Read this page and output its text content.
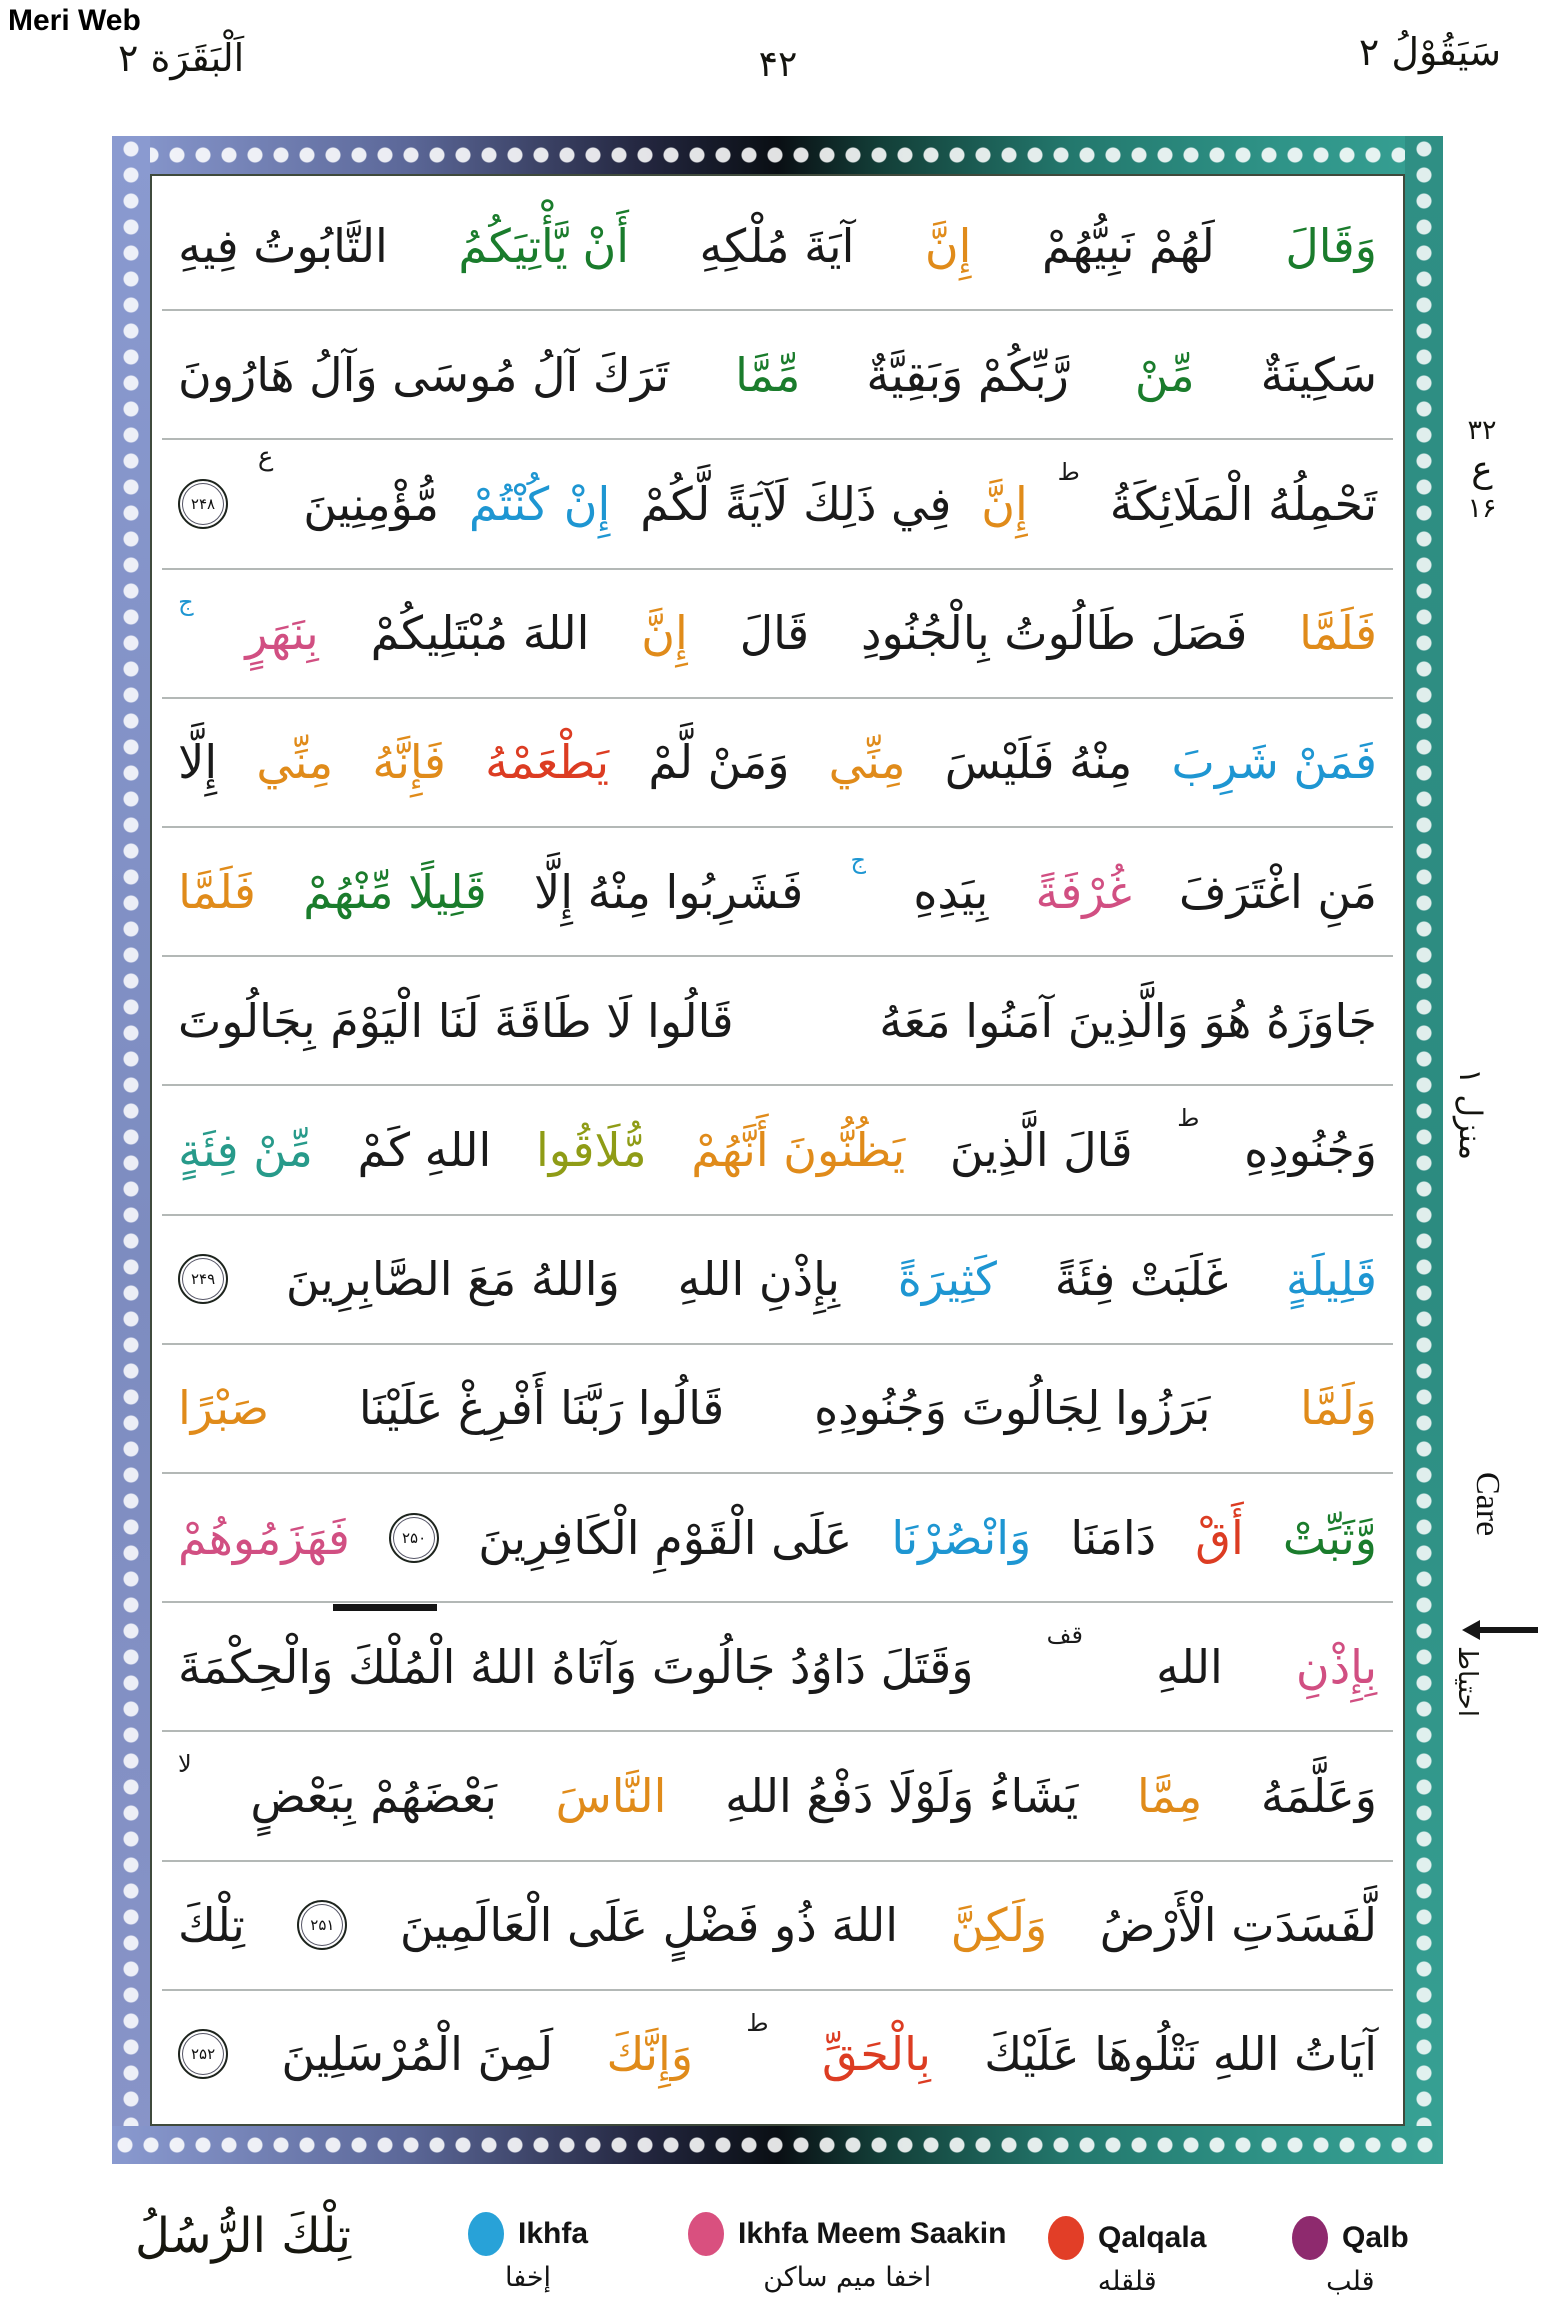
Meri Web
اَلْبَقَرَة ۲	۴۲	سَيَقُوْلُ ۲
وَقَالَ
لَهُمْ نَبِيُّهُمْ
إِنَّ
آيَةَ مُلْكِهِ
أَنْ يَّأْتِيَكُمُ
التَّابُوتُ فِيهِ
سَكِينَةٌ
مِّنْ
رَّبِّكُمْ وَبَقِيَّةٌ
مِّمَّا
تَرَكَ آلُ مُوسَى وَآلُ هَارُونَ
تَحْمِلُهُ الْمَلَائِكَةُ
ط
إِنَّ
فِي ذَلِكَ لَآيَةً لَّكُمْ
إِنْ كُنْتُمْ
مُّؤْمِنِينَ
ع
۲۴۸
فَلَمَّا
فَصَلَ طَالُوتُ بِالْجُنُودِ
قَالَ
إِنَّ
اللهَ مُبْتَلِيكُمْ
بِنَهَرٍ
ج
فَمَنْ شَرِبَ
مِنْهُ فَلَيْسَ
مِنِّي
وَمَنْ لَّمْ
يَطْعَمْهُ
فَإِنَّهُ
مِنِّي
إِلَّا
مَنِ اغْتَرَفَ
غُرْفَةً
بِيَدِهِ
ج
فَشَرِبُوا مِنْهُ إِلَّا
قَلِيلًا مِّنْهُمْ
فَلَمَّا
جَاوَزَهُ هُوَ وَالَّذِينَ آمَنُوا مَعَهُ
قَالُوا لَا طَاقَةَ لَنَا الْيَوْمَ بِجَالُوتَ
وَجُنُودِهِ
ط
قَالَ الَّذِينَ
يَظُنُّونَ أَنَّهُمْ
مُّلَاقُوا
اللهِ كَمْ
مِّنْ فِئَةٍ
قَلِيلَةٍ
غَلَبَتْ فِئَةً
كَثِيرَةً
بِإِذْنِ اللهِ
وَاللهُ مَعَ الصَّابِرِينَ
۲۴۹
وَلَمَّا
بَرَزُوا لِجَالُوتَ وَجُنُودِهِ
قَالُوا رَبَّنَا أَفْرِغْ عَلَيْنَا
صَبْرًا
وَّثَبِّتْ
أَقْ
دَامَنَا
وَانْصُرْنَا
عَلَى الْقَوْمِ الْكَافِرِينَ
۲۵۰
فَهَزَمُوهُمْ
بِإِذْنِ
اللهِ
قف
وَقَتَلَ دَاوُدُ جَالُوتَ وَآتَاهُ اللهُ الْمُلْكَ وَالْحِكْمَةَ
وَعَلَّمَهُ
مِمَّا
يَشَاءُ وَلَوْلَا دَفْعُ اللهِ
النَّاسَ
بَعْضَهُمْ بِبَعْضٍ
لا
لَّفَسَدَتِ الْأَرْضُ
وَلَكِنَّ
اللهَ ذُو فَضْلٍ عَلَى الْعَالَمِينَ
۲۵۱
تِلْكَ
آيَاتُ اللهِ نَتْلُوهَا عَلَيْكَ
بِالْحَقِّ
ط
وَإِنَّكَ
لَمِنَ الْمُرْسَلِينَ
۲۵۲
۳۲
ع
۱۶
منزل ۱
Care
احتياط
تِلْكَ الرُّسُلُ	Ikhfa
إخفا
Ikhfa Meem Saakin
اخفا ميم ساكن
Qalqala
قلقله
Qalb
قلب
